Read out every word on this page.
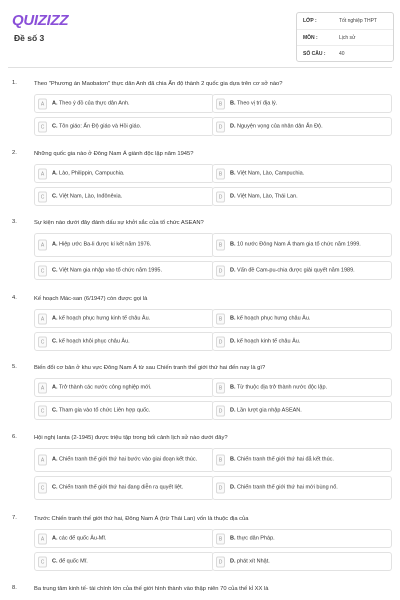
QUIZIZZ
Đề số 3
LỚP :	Tốt nghiệp THPT
MÔN :	Lịch sử
SỐ CÂU :	40
1.	Theo "Phương án Maobatơn" thực dân Anh đã chia Ấn độ thành 2 quốc gia dựa trên cơ sở nào?
A	A. Theo ý đồ của thực dân Anh.	B	B. Theo vị trí địa lý.
C	C. Tôn giáo: Ấn Độ giáo và Hồi giáo.	D	D. Nguyện vọng của nhân dân Ấn Độ.
2.	Những quốc gia nào ở Đông Nam Á giành độc lập năm 1945?
A	A. Lào, Philippin, Campuchia.	B	B. Việt Nam, Lào, Campuchia.
C	C. Việt Nam, Lào, Inđônêxia.	D	D. Việt Nam, Lào, Thái Lan.
3.	Sự kiện nào dưới đây đánh dấu sự khởi sắc của tổ chức ASEAN?
A	A. Hiệp ước Ba-li được kí kết năm 1976.	B	B. 10 nước Đông Nam Á tham gia tổ chức năm 1999.
C	C. Việt Nam gia nhập vào tổ chức năm 1995.	D	D. Vấn đề Cam-pu-chia được giải quyết năm 1989.
4.	Kế hoạch Mác-san (6/1947) còn được gọi là
A	A. kế hoạch phục hưng kinh tế châu Âu.	B	B. kế hoạch phục hưng châu Âu.
C	C. kế hoạch khôi phục châu Âu.	D	D. kế hoạch kinh tế châu Âu.
5.	Biến đổi cơ bản ở khu vực Đông Nam Á từ sau Chiến tranh thế giới thứ hai đến nay là gì?
A	A. Trở thành các nước công nghiệp mới.	B	B. Từ thuộc địa trở thành nước độc lập.
C	C. Tham gia vào tổ chức Liên hợp quốc.	D	D. Lần lượt gia nhập ASEAN.
6.	Hội nghị Ianta (2-1945) được triệu tập trong bối cảnh lịch sử nào dưới đây?
A	A. Chiến tranh thế giới thứ hai bước vào giai đoạn kết thúc.	B	B. Chiến tranh thế giới thứ hai đã kết thúc.
C	C. Chiến tranh thế giới thứ hai đang diễn ra quyết liệt.	D	D. Chiến tranh thế giới thứ hai mới bùng nổ.
7.	Trước Chiến tranh thế giới thứ hai, Đông Nam Á (trừ Thái Lan) vốn là thuộc địa của
A	A. các đế quốc Âu-Mĩ.	B	B. thực dân Pháp.
C	C. đế quốc Mĩ.	D	D. phát xít Nhật.
8.	Ba trung tâm kinh tế- tài chính lớn của thế giới hình thành vào thập niên 70 của thế kỉ XX là
